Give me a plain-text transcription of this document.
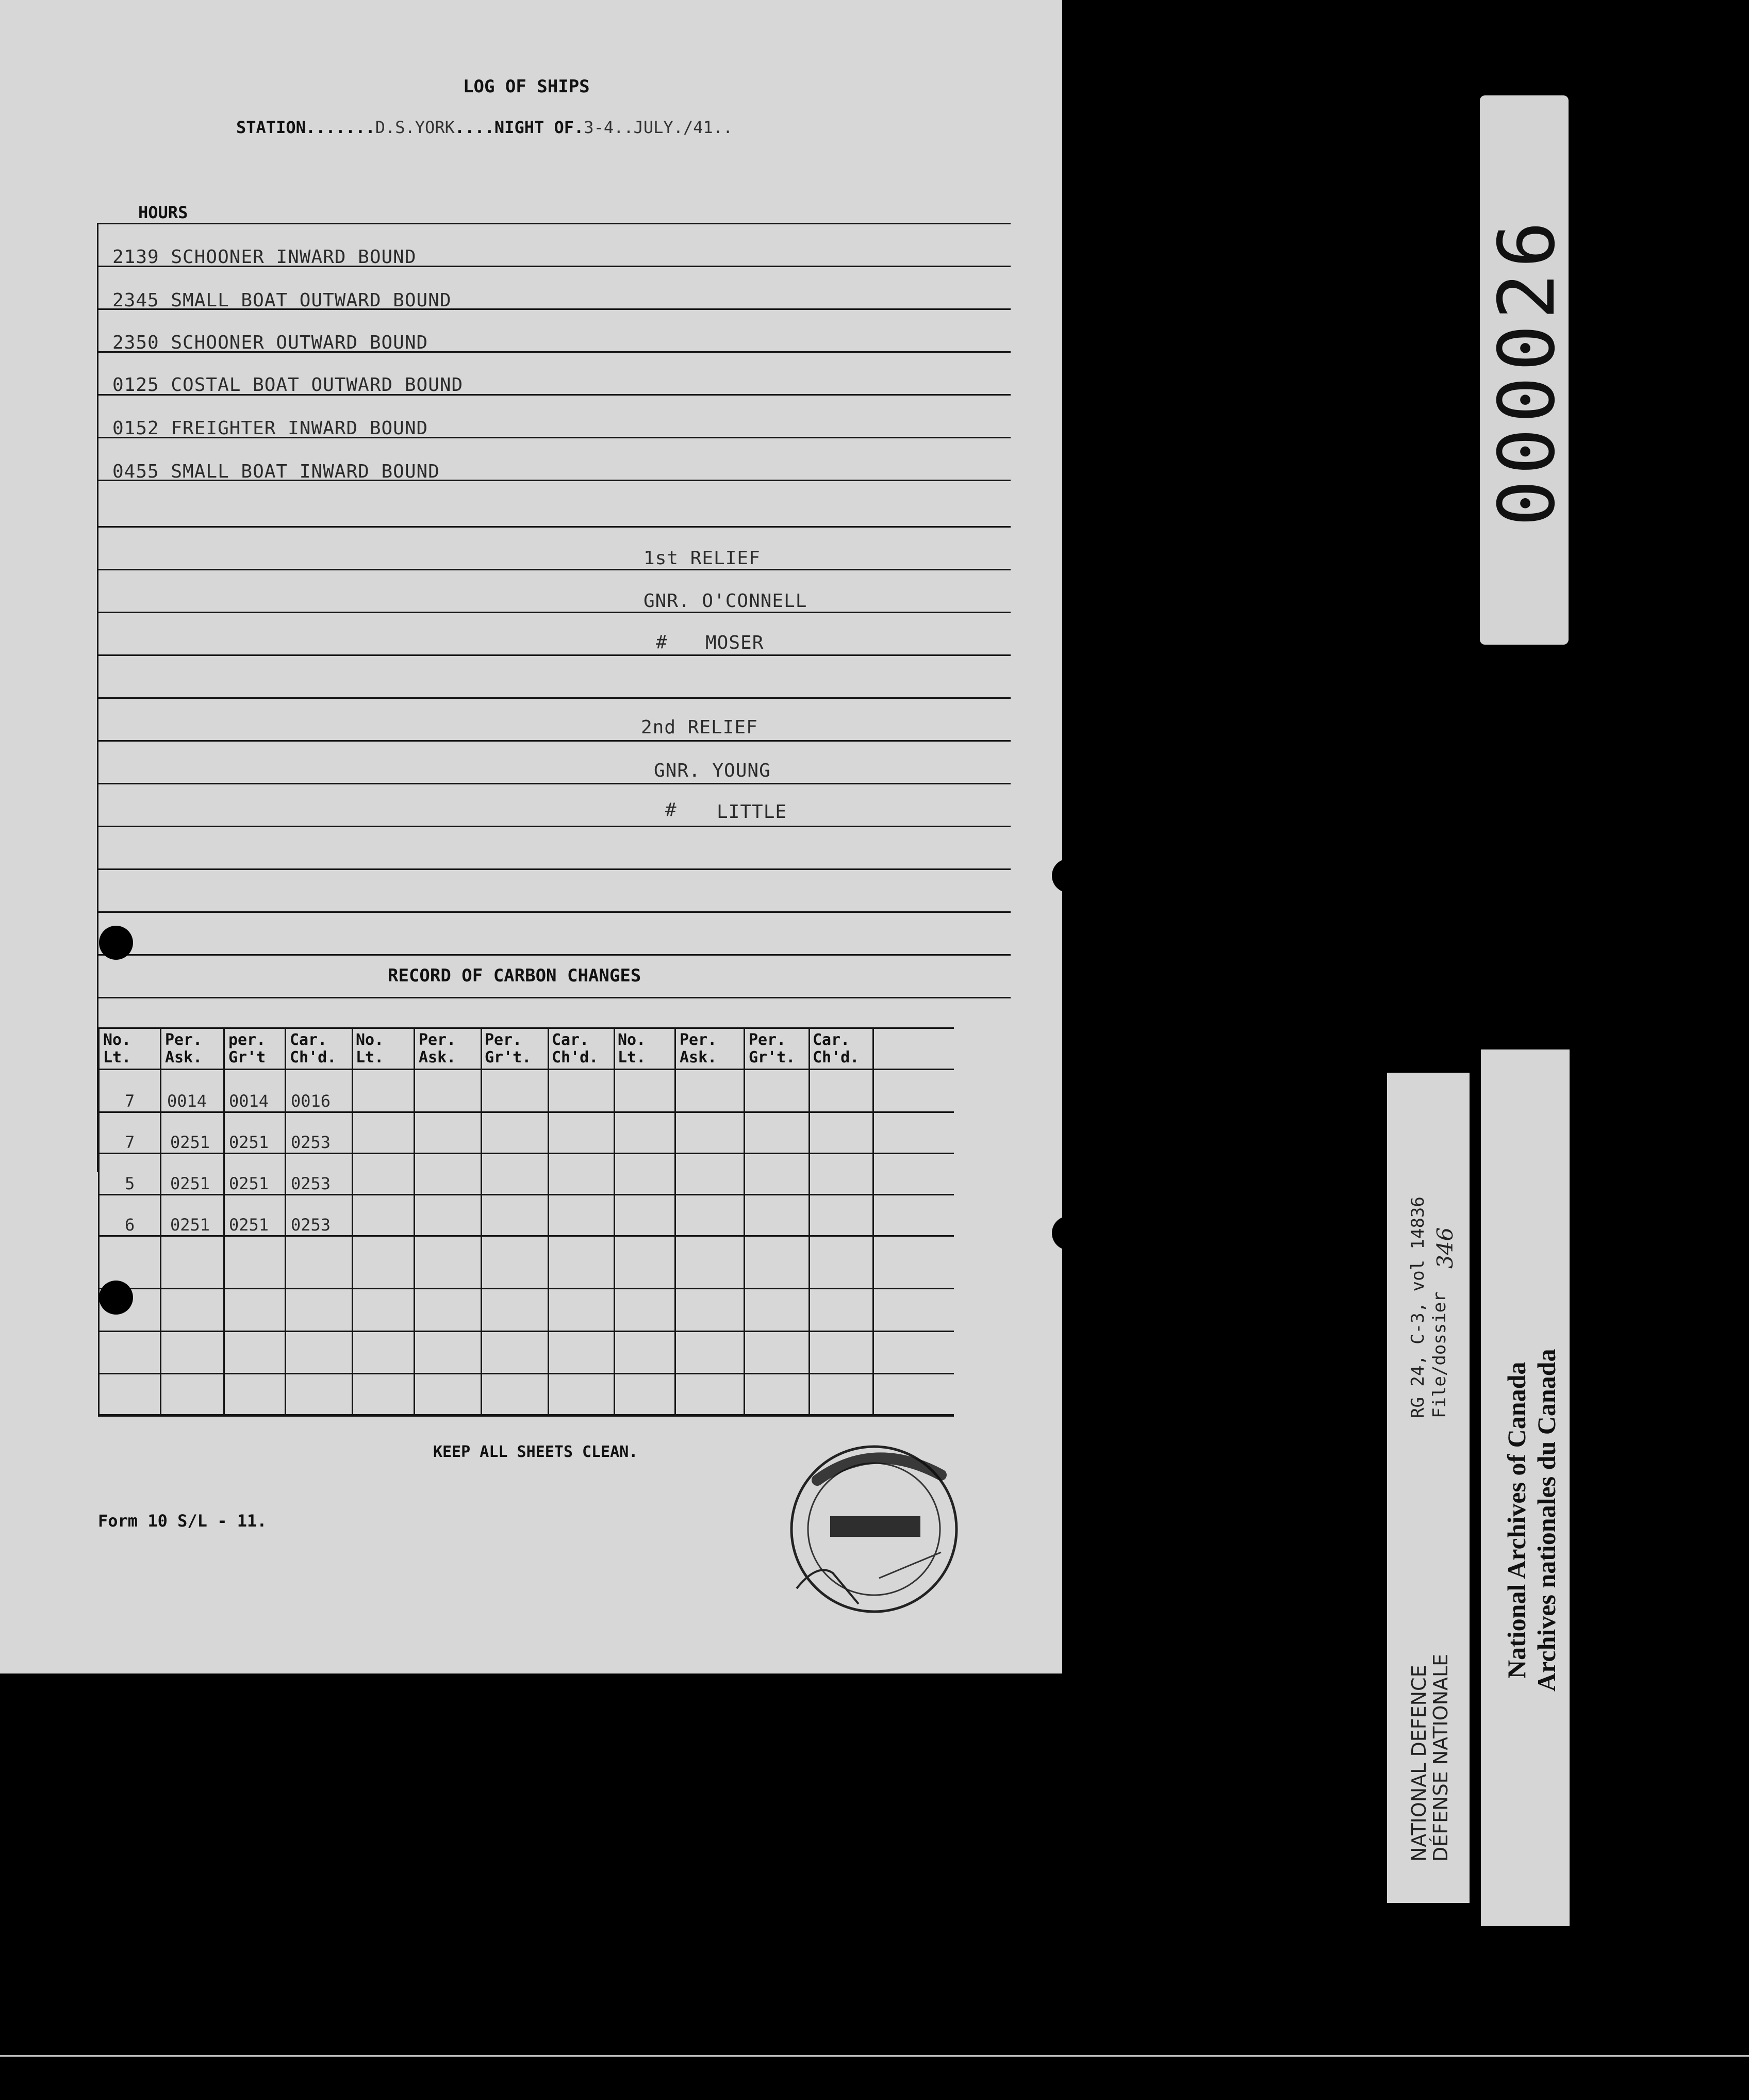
LOG OF SHIPS
STATION.......D.S.YORK....NIGHT OF.3-4..JULY./41..
HOURS
2139 SCHOONER INWARD BOUND
2345 SMALL BOAT OUTWARD BOUND
2350 SCHOONER OUTWARD BOUND
0125 COSTAL BOAT OUTWARD BOUND
0152 FREIGHTER INWARD BOUND
0455 SMALL BOAT INWARD BOUND
1st RELIEF
GNR. O'CONNELL
# MOSER
2nd RELIEF
GNR. YOUNG
# LITTLE
RECORD OF CARBON CHANGES
No.
Lt.
Per.
Ask.
per.
Gr't
Car.
Ch'd.
No.
Lt.
Per.
Ask.
Per.
Gr't.
Car.
Ch'd.
No.
Lt.
Per.
Ask.
Per.
Gr't.
Car.
Ch'd.
7 0014 0014 0016
7 0251 0251 0253
5 0251 0251 0253
6 0251 0251 0253
KEEP ALL SHEETS CLEAN.
Form 10 S/L - 11.
000026
NATIONAL DEFENCE
DÉFENSE NATIONALE
RG 24, C-3, vol 14836 File/dossier
346
National Archives of Canada Archives nationales du Canada
